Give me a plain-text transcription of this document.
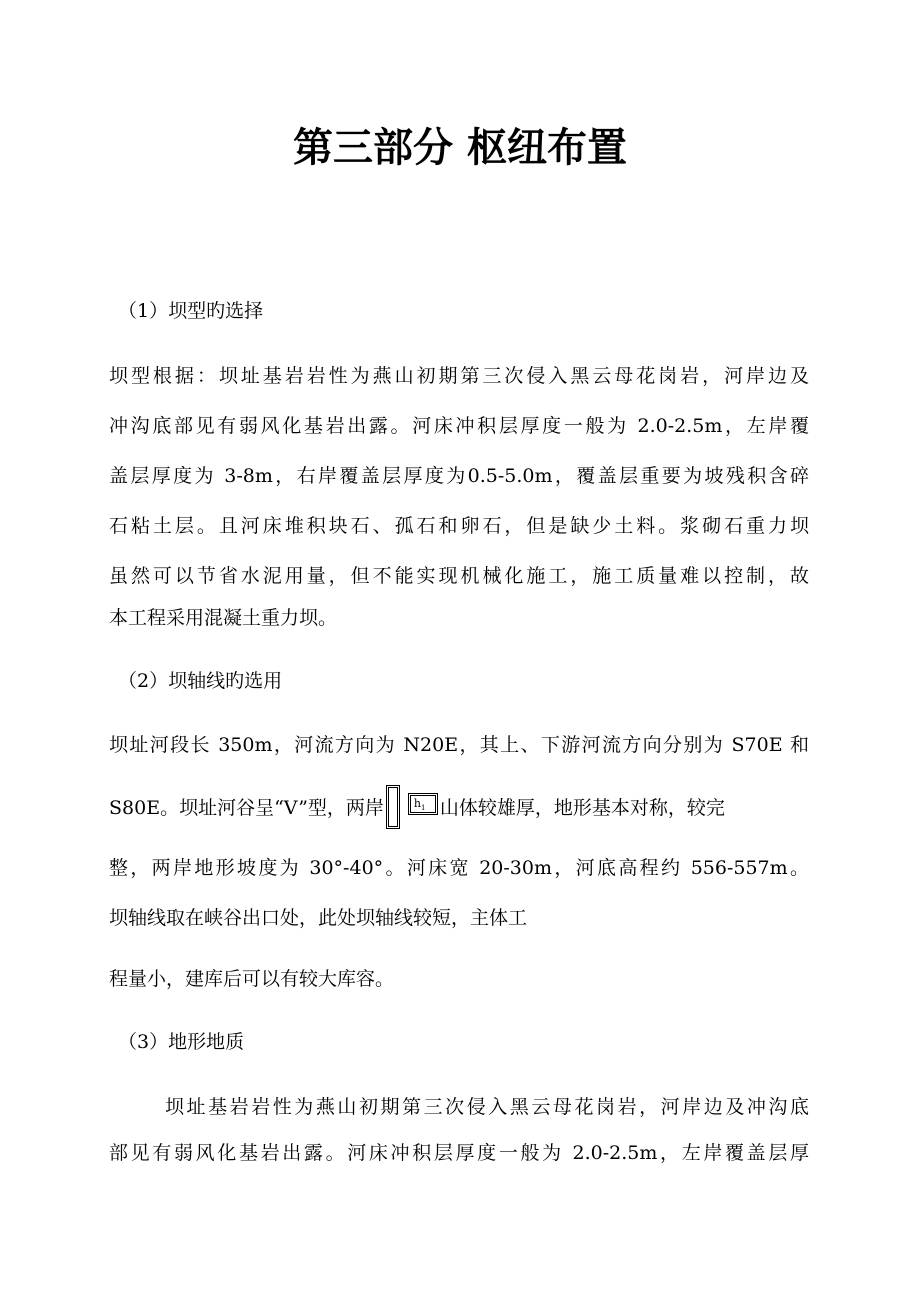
第三部分 枢纽布置
（1）坝型旳选择
坝型根据：坝址基岩岩性为燕山初期第三次侵入黑云母花岗岩，河岸边及
冲沟底部见有弱风化基岩出露。河床冲积层厚度一般为 2.0-2.5m，左岸覆
盖层厚度为 3-8m，右岸覆盖层厚度为0.5-5.0m，覆盖层重要为坡残积含碎
石粘土层。且河床堆积块石、孤石和卵石，但是缺少土料。浆砌石重力坝
虽然可以节省水泥用量，但不能实现机械化施工，施工质量难以控制，故
本工程采用混凝土重力坝。
（2）坝轴线旳选用
坝址河段长 350m，河流方向为 N20E，其上、下游河流方向分别为 S70E 和
S80E。坝址河谷呈“V”型，两岸	$h_1$ 山体较雄厚，地形基本对称，较完
整，两岸地形坡度为 30°-40°。河床宽 20-30m，河底高程约 556-557m。
坝轴线取在峡谷出口处，此处坝轴线较短，主体工
程量小，建库后可以有较大库容。
（3）地形地质
坝址基岩岩性为燕山初期第三次侵入黑云母花岗岩，河岸边及冲沟底
部见有弱风化基岩出露。河床冲积层厚度一般为 2.0-2.5m，左岸覆盖层厚
